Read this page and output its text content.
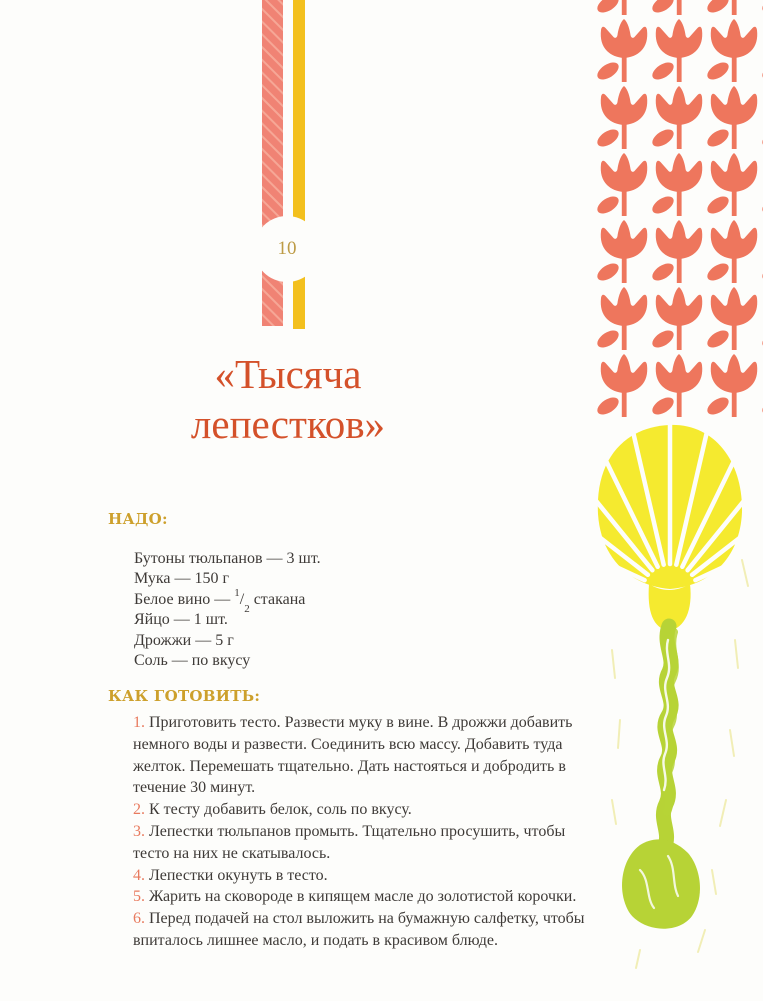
10
«Тысяча
лепестков»
НАДО:
Бутоны тюльпанов — 3 шт.
Мука — 150 г
Белое вино — $^1/_2$ стакана
Яйцо — 1 шт.
Дрожжи — 5 г
Соль — по вкусу
КАК ГОТОВИТЬ:

1. Приготовить тесто. Развести муку в вине. В дрожжи добавить немного воды и развести. Соединить всю массу. Добавить туда желток. Перемешать тщательно. Дать настояться и добродить в течение 30 минут.

2. К тесту добавить белок, соль по вкусу.

3. Лепестки тюльпанов промыть. Тщательно просушить, чтобы тесто на них не скатывалось.

4. Лепестки окунуть в тесто.

5. Жарить на сковороде в кипящем масле до золотистой корочки.

6. Перед подачей на стол выложить на бумажную салфетку, чтобы впиталось лишнее масло, и подать в красивом блюде.
